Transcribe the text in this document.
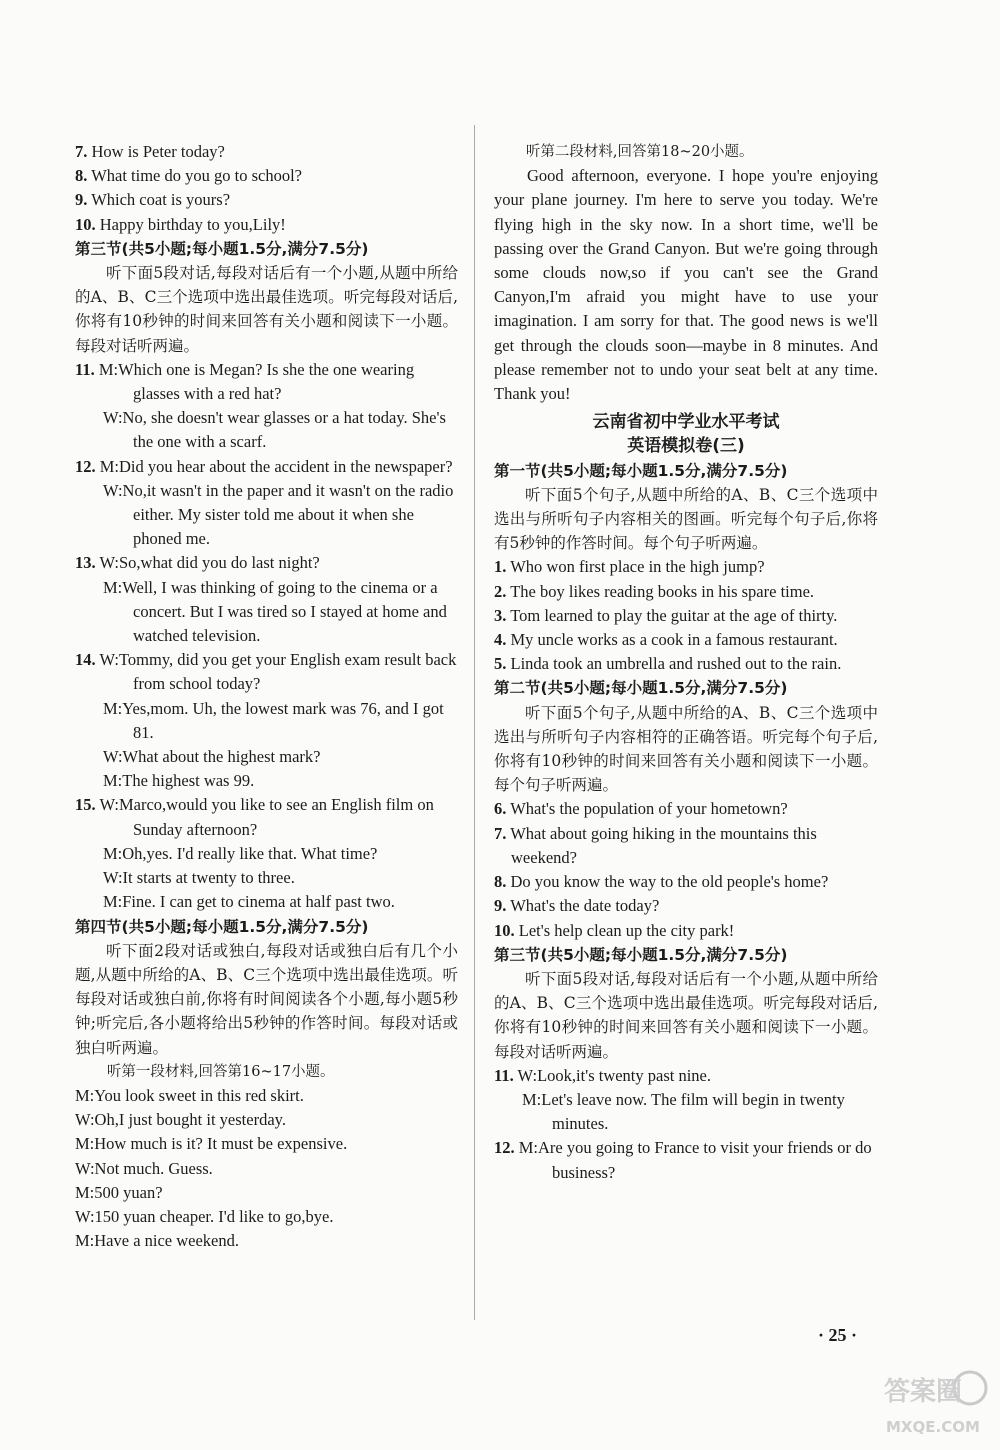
7. How is Peter today?
8. What time do you go to school?
9. Which coat is yours?
10. Happy birthday to you,Lily!
第三节(共5小题;每小题1.5分,满分7.5分)
听下面5段对话,每段对话后有一个小题,从题中所给的A、B、C三个选项中选出最佳选项。听完每段对话后,你将有10秒钟的时间来回答有关小题和阅读下一小题。每段对话听两遍。
11. M:Which one is Megan? Is she the one wearing glasses with a red hat?
W:No, she doesn't wear glasses or a hat today. She's the one with a scarf.
12. M:Did you hear about the accident in the newspaper?
W:No,it wasn't in the paper and it wasn't on the radio either. My sister told me about it when she phoned me.
13. W:So,what did you do last night?
M:Well, I was thinking of going to the cinema or a concert. But I was tired so I stayed at home and watched television.
14. W:Tommy, did you get your English exam result back from school today?
M:Yes,mom. Uh, the lowest mark was 76, and I got 81.
W:What about the highest mark?
M:The highest was 99.
15. W:Marco,would you like to see an English film on Sunday afternoon?
M:Oh,yes. I'd really like that. What time?
W:It starts at twenty to three.
M:Fine. I can get to cinema at half past two.
第四节(共5小题;每小题1.5分,满分7.5分)
听下面2段对话或独白,每段对话或独白后有几个小题,从题中所给的A、B、C三个选项中选出最佳选项。听每段对话或独白前,你将有时间阅读各个小题,每小题5秒钟;听完后,各小题将给出5秒钟的作答时间。每段对话或独白听两遍。
听第一段材料,回答第16~17小题。
M:You look sweet in this red skirt.
W:Oh,I just bought it yesterday.
M:How much is it? It must be expensive.
W:Not much. Guess.
M:500 yuan?
W:150 yuan cheaper. I'd like to go,bye.
M:Have a nice weekend.
听第二段材料,回答第18~20小题。
Good afternoon, everyone. I hope you're enjoying your plane journey. I'm here to serve you today. We're flying high in the sky now. In a short time, we'll be passing over the Grand Canyon. But we're going through some clouds now,so if you can't see the Grand Canyon,I'm afraid you might have to use your imagination. I am sorry for that. The good news is we'll get through the clouds soon—maybe in 8 minutes. And please remember not to undo your seat belt at any time. Thank you!
云南省初中学业水平考试
英语模拟卷(三)
第一节(共5小题;每小题1.5分,满分7.5分)
听下面5个句子,从题中所给的A、B、C三个选项中选出与所听句子内容相关的图画。听完每个句子后,你将有5秒钟的作答时间。每个句子听两遍。
1. Who won first place in the high jump?
2. The boy likes reading books in his spare time.
3. Tom learned to play the guitar at the age of thirty.
4. My uncle works as a cook in a famous restaurant.
5. Linda took an umbrella and rushed out to the rain.
第二节(共5小题;每小题1.5分,满分7.5分)
听下面5个句子,从题中所给的A、B、C三个选项中选出与所听句子内容相符的正确答语。听完每个句子后,你将有10秒钟的时间来回答有关小题和阅读下一小题。每个句子听两遍。
6. What's the population of your hometown?
7. What about going hiking in the mountains this weekend?
8. Do you know the way to the old people's home?
9. What's the date today?
10. Let's help clean up the city park!
第三节(共5小题;每小题1.5分,满分7.5分)
听下面5段对话,每段对话后有一个小题,从题中所给的A、B、C三个选项中选出最佳选项。听完每段对话后,你将有10秒钟的时间来回答有关小题和阅读下一小题。每段对话听两遍。
11. W:Look,it's twenty past nine.
M:Let's leave now. The film will begin in twenty minutes.
12. M:Are you going to France to visit your friends or do business?
· 25 ·
答案圈
MXQE.COM
